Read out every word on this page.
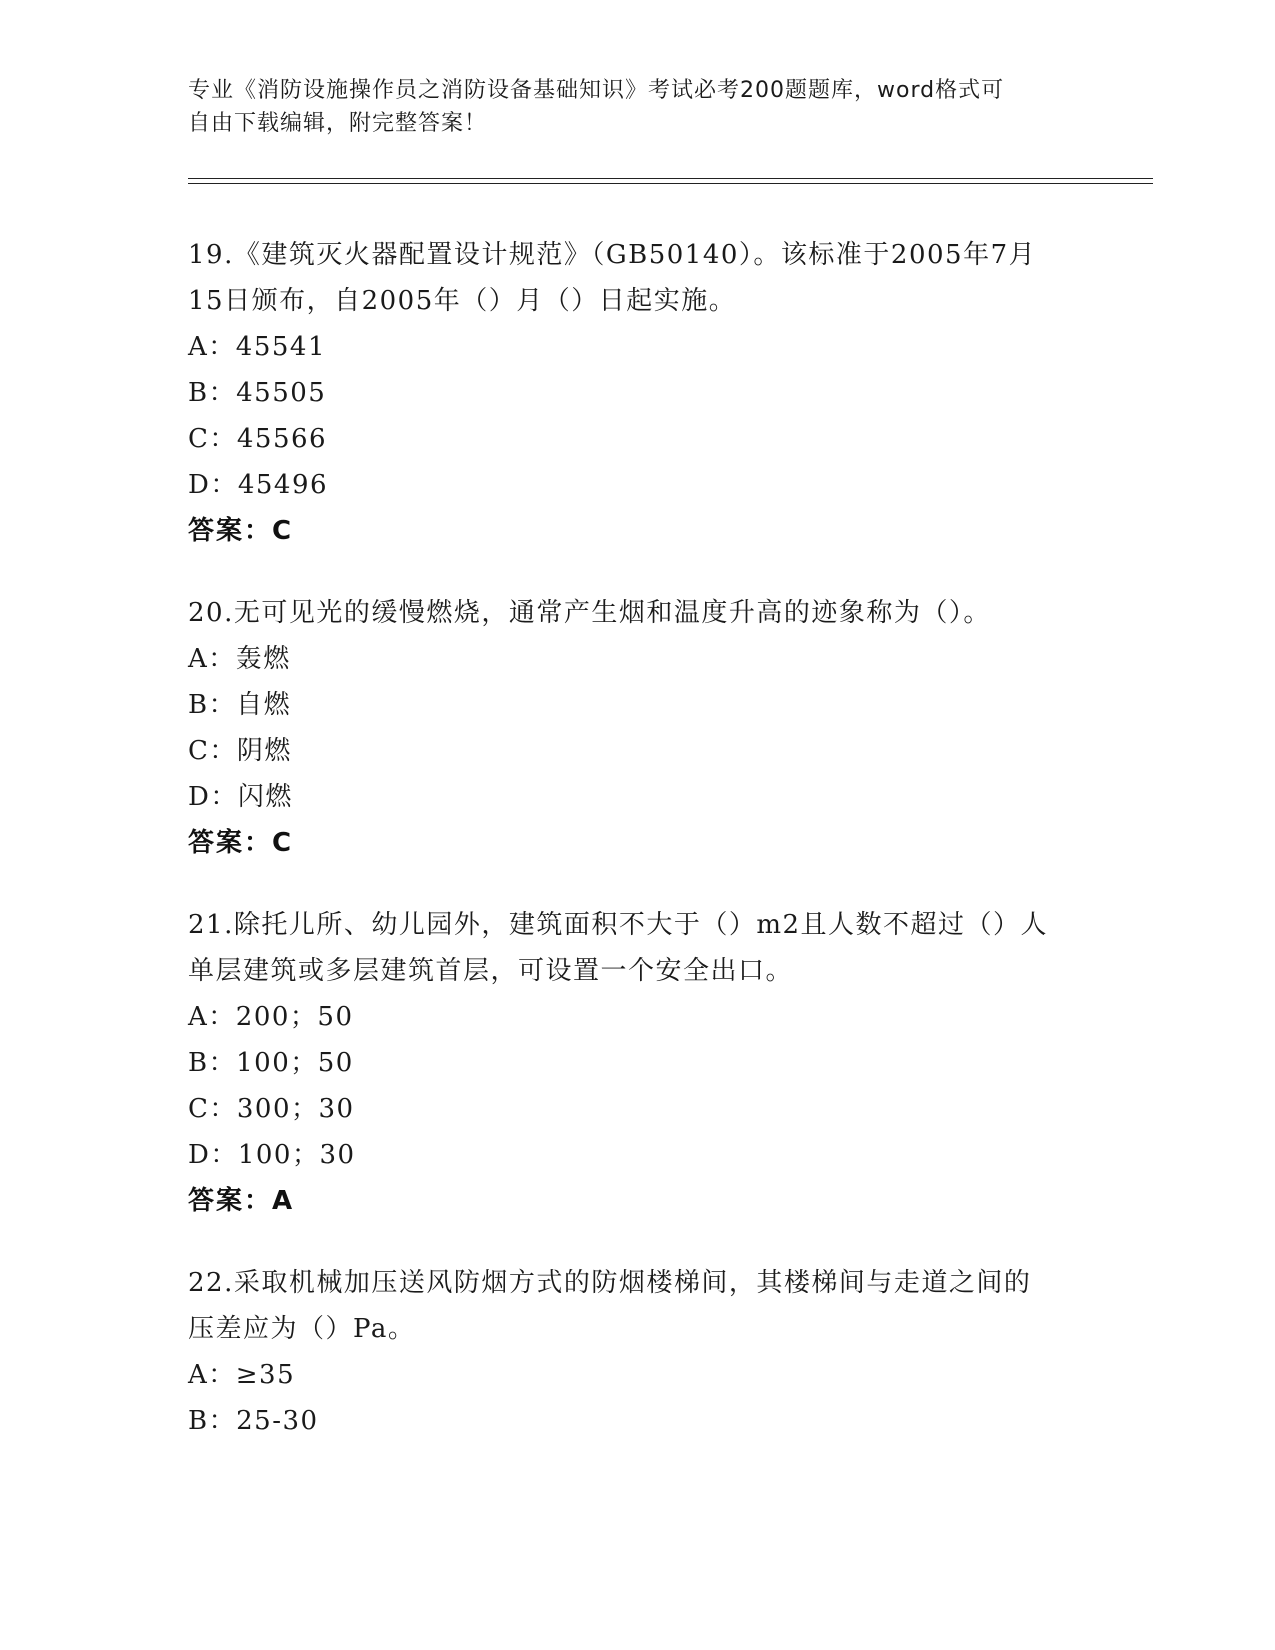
专业《消防设施操作员之消防设备基础知识》考试必考200题题库，word格式可
自由下载编辑，附完整答案！

19.《建筑灭火器配置设计规范》（GB50140）。该标准于2005年7月

15日颁布，自2005年（）月（）日起实施。

A：45541

B：45505

C：45566

D：45496

答案：C

20.无可见光的缓慢燃烧，通常产生烟和温度升高的迹象称为（）。

A：轰燃

B：自燃

C：阴燃

D：闪燃

答案：C

21.除托儿所、幼儿园外，建筑面积不大于（）m2且人数不超过（）人

单层建筑或多层建筑首层，可设置一个安全出口。

A：200；50

B：100；50

C：300；30

D：100；30

答案：A

22.采取机械加压送风防烟方式的防烟楼梯间，其楼梯间与走道之间的

压差应为（）Pa。

A：≥35

B：25-30
